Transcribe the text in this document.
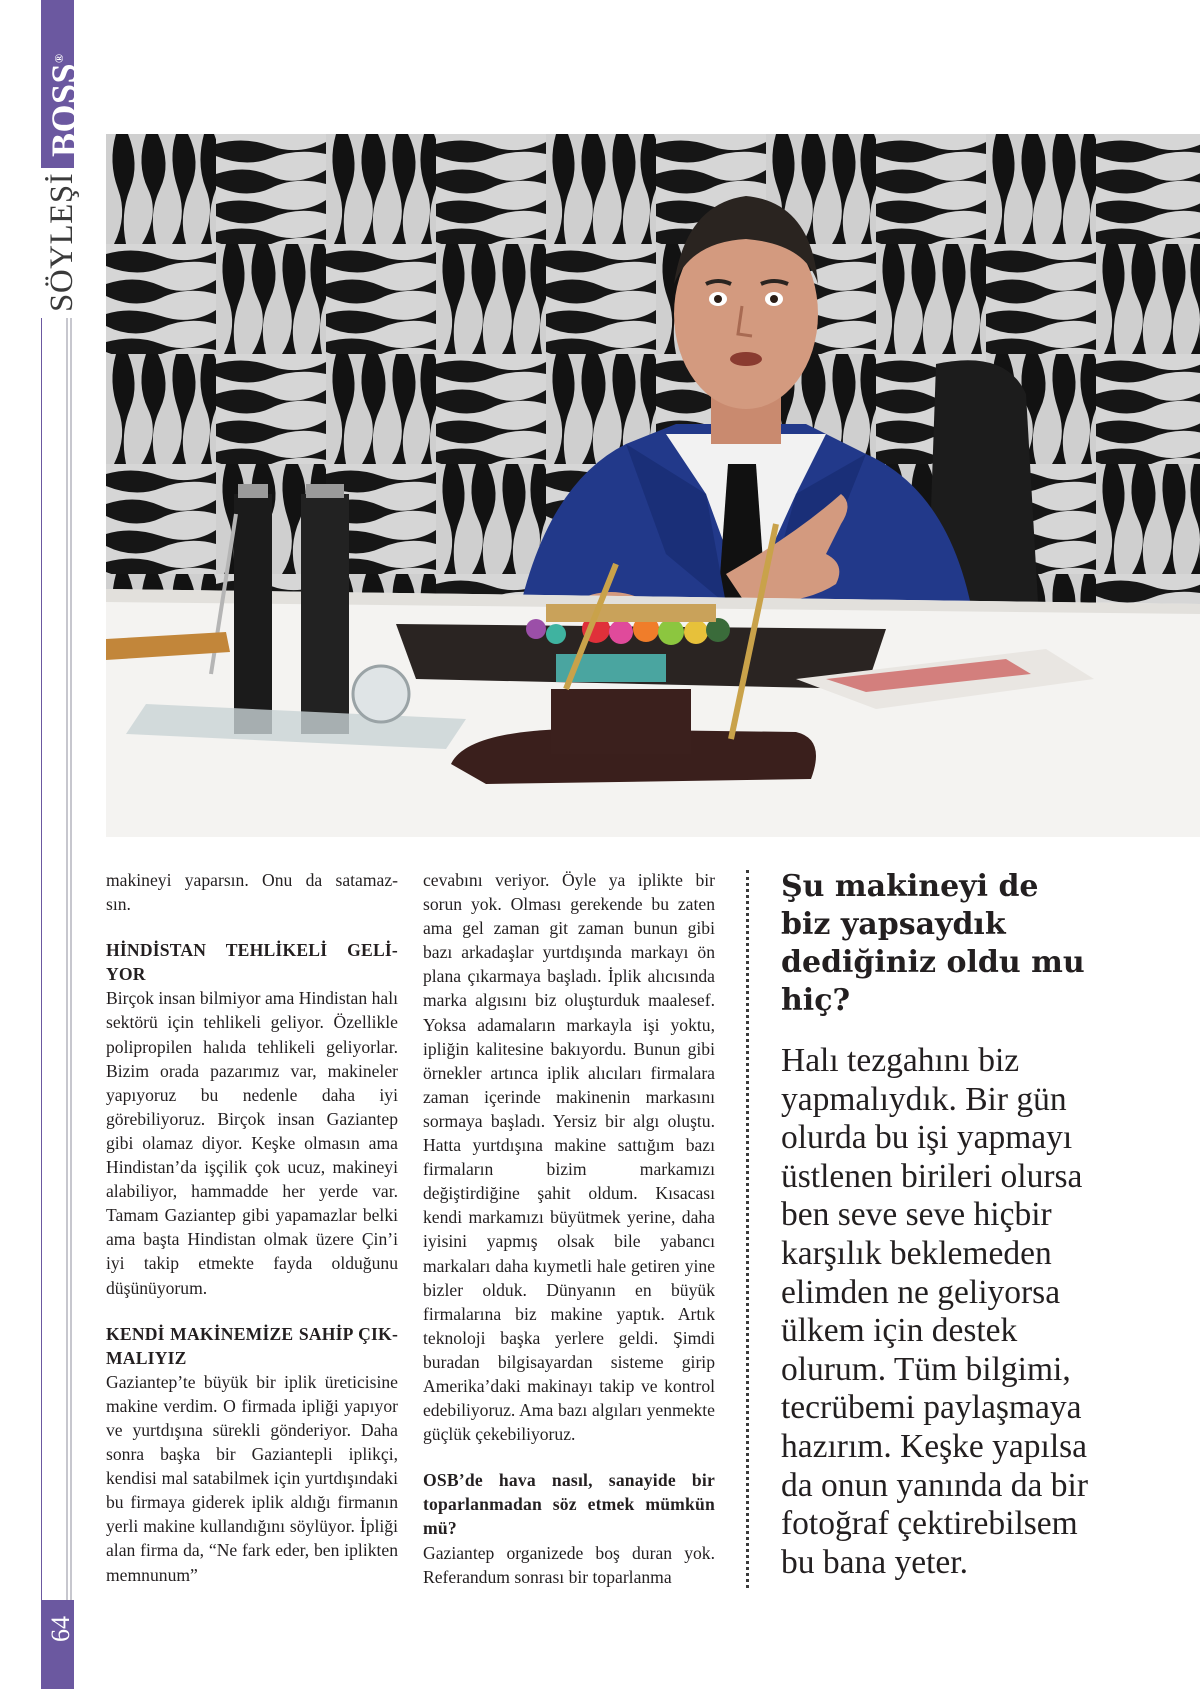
BOSS®
SÖYLEŞİ
64

makineyi yaparsın. Onu da satamaz-

sın.

HİNDİSTAN TEHLİKELİ GELİ-
YOR

Birçok insan bilmiyor ama Hindistan halı sektörü için tehlikeli geliyor. Özellikle polipropilen halıda tehlikeli geliyorlar. Bizim orada pazarımız var, makineler yapıyoruz bu nedenle daha iyi görebiliyoruz. Birçok insan Gaziantep gibi olamaz diyor. Keşke olmasın ama Hindistan’da işçilik çok ucuz, makineyi alabiliyor, hammadde her yerde var. Tamam Gaziantep gibi yapamazlar belki ama başta Hindistan olmak üzere Çin’i iyi takip etmekte fayda olduğunu düşünüyorum.

KENDİ MAKİNEMİZE SAHİP ÇIK-
MALIYIZ

Gaziantep’te büyük bir iplik üreticisine makine verdim. O firmada ipliği yapıyor ve yurtdışına sürekli gönderiyor. Daha sonra başka bir Gaziantepli iplikçi, kendisi mal satabilmek için yurtdışındaki bu firmaya giderek iplik aldığı firmanın yerli makine kullandığını söylüyor. İpliği alan firma da, “Ne fark eder, ben iplikten memnunum”

cevabını veriyor. Öyle ya iplikte bir sorun yok. Olması gerekende bu zaten ama gel zaman git zaman bunun gibi bazı arkadaşlar yurtdışında markayı ön plana çıkarmaya başladı. İplik alıcısında marka algısını biz oluşturduk maalesef. Yoksa adamaların markayla işi yoktu, ipliğin kalitesine bakıyordu. Bunun gibi örnekler artınca iplik alıcıları firmalara zaman içerinde makinenin markasını sormaya başladı. Yersiz bir algı oluştu. Hatta yurtdışına makine sattığım bazı firmaların bizim markamızı değiştirdiğine şahit oldum. Kısacası kendi markamızı büyütmek yerine, daha iyisini yapmış olsak bile yabancı markaları daha kıymetli hale getiren yine bizler olduk. Dünyanın en büyük firmalarına biz makine yaptık. Artık teknoloji başka yerlere geldi. Şimdi buradan bilgisayardan sisteme girip Amerika’daki makinayı takip ve kontrol edebiliyoruz. Ama bazı algıları yenmekte güçlük çekebiliyoruz.

OSB’de hava nasıl, sanayide bir toparlanmadan söz etmek mümkün mü?

Gaziantep organizede boş duran yok. Referandum sonrası bir toparlanma

Şu makineyi de biz yapsaydık dediğiniz oldu mu hiç?

Halı tezgahını biz yapmalıydık. Bir gün olurda bu işi yapmayı üstlenen birileri olursa ben seve seve hiçbir karşılık beklemeden elimden ne geliyorsa ülkem için destek olurum. Tüm bilgimi, tecrübemi paylaşmaya hazırım. Keşke yapılsa da onun yanında da bir fotoğraf çektirebilsem bu bana yeter.
